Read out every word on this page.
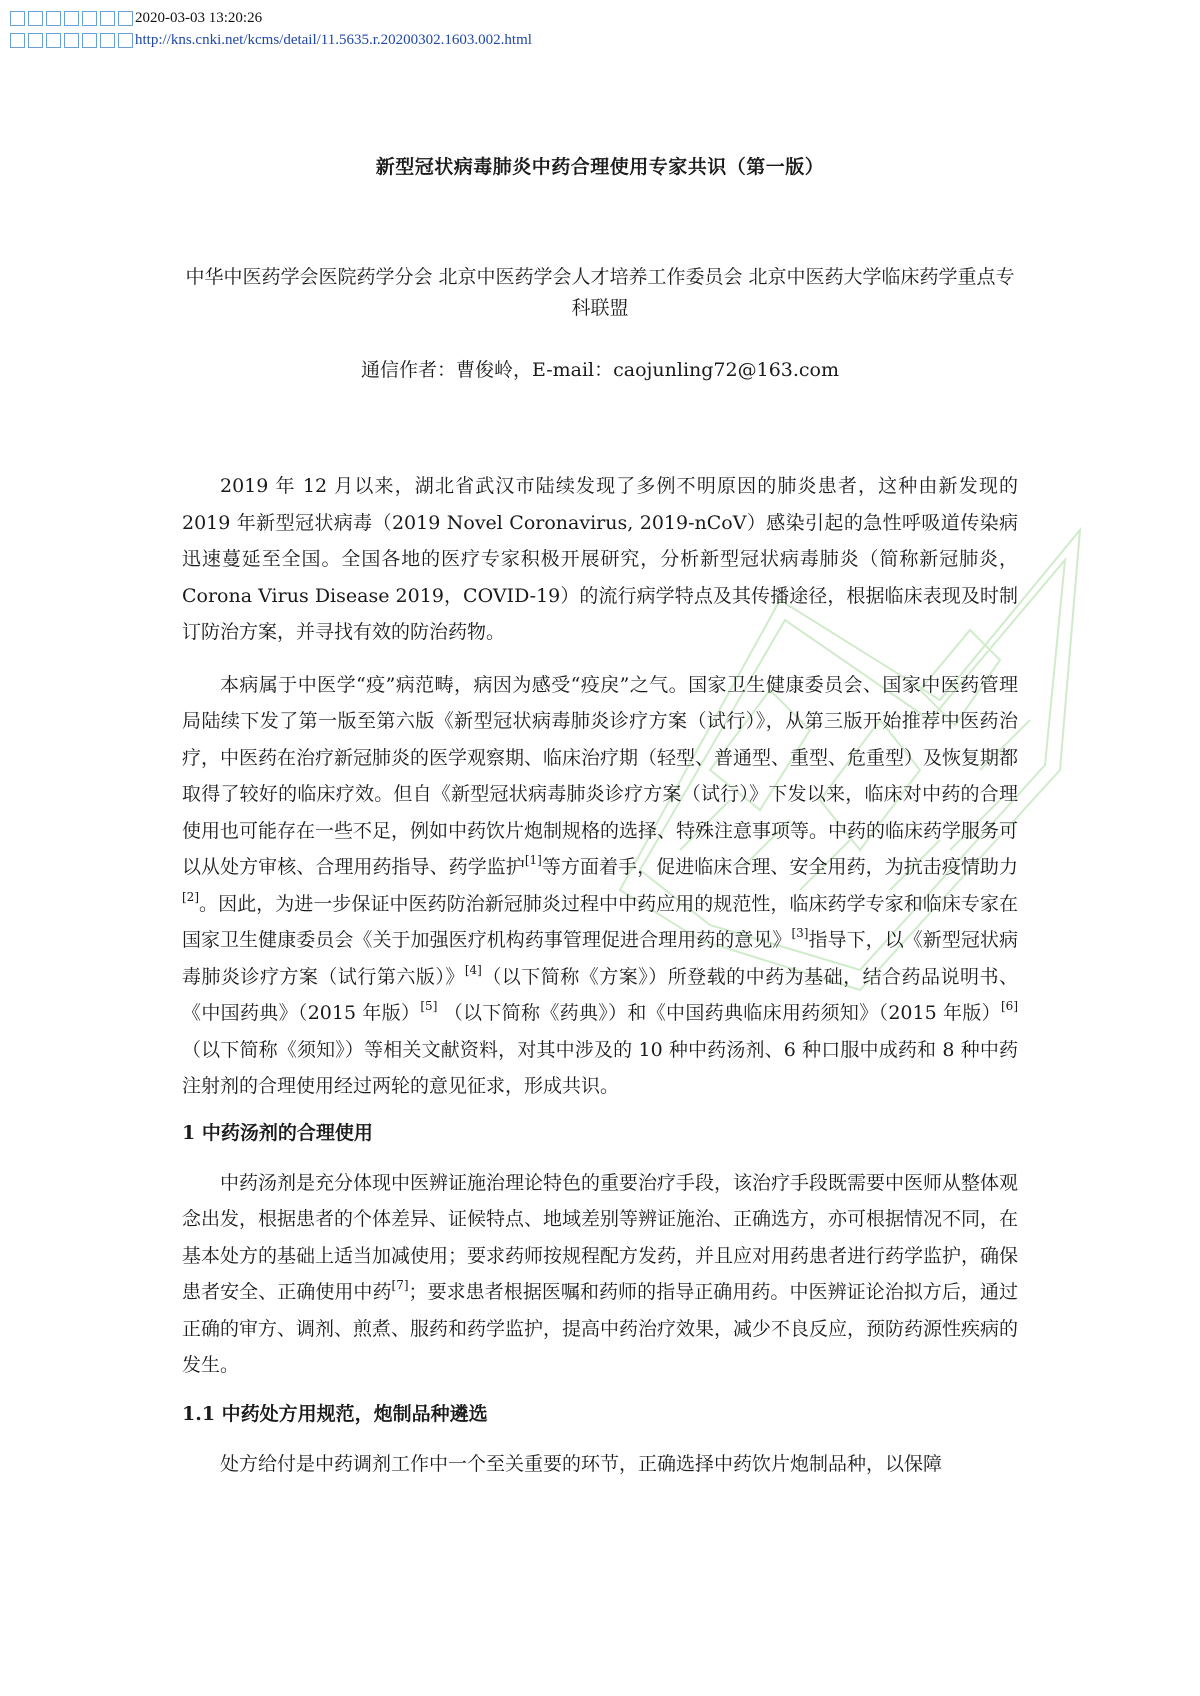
2020-03-03 13:20:26
http://kns.cnki.net/kcms/detail/11.5635.r.20200302.1603.002.html
新型冠状病毒肺炎中药合理使用专家共识（第一版）
中华中医药学会医院药学分会 北京中医药学会人才培养工作委员会 北京中医药大学临床药学重点专科联盟
通信作者：曹俊岭，E-mail：caojunling72@163.com

2019 年 12 月以来，湖北省武汉市陆续发现了多例不明原因的肺炎患者，这种由新发现的 2019 年新型冠状病毒（2019 Novel Coronavirus, 2019-nCoV）感染引起的急性呼吸道传染病迅速蔓延至全国。全国各地的医疗专家积极开展研究，分析新型冠状病毒肺炎（简称新冠肺炎，Corona Virus Disease 2019，COVID-19）的流行病学特点及其传播途径，根据临床表现及时制订防治方案，并寻找有效的防治药物。

本病属于中医学“疫”病范畴，病因为感受“疫戾”之气。国家卫生健康委员会、国家中医药管理局陆续下发了第一版至第六版《新型冠状病毒肺炎诊疗方案（试行）》，从第三版开始推荐中医药治疗，中医药在治疗新冠肺炎的医学观察期、临床治疗期（轻型、普通型、重型、危重型）及恢复期都取得了较好的临床疗效。但自《新型冠状病毒肺炎诊疗方案（试行）》下发以来，临床对中药的合理使用也可能存在一些不足，例如中药饮片炮制规格的选择、特殊注意事项等。中药的临床药学服务可以从处方审核、合理用药指导、药学监护[1]等方面着手，促进临床合理、安全用药，为抗击疫情助力[2]。因此，为进一步保证中医药防治新冠肺炎过程中中药应用的规范性，临床药学专家和临床专家在国家卫生健康委员会《关于加强医疗机构药事管理促进合理用药的意见》[3]指导下，以《新型冠状病毒肺炎诊疗方案（试行第六版）》[4]（以下简称《方案》）所登载的中药为基础，结合药品说明书、《中国药典》（2015 年版）[5] （以下简称《药典》）和《中国药典临床用药须知》（2015 年版）[6] （以下简称《须知》）等相关文献资料，对其中涉及的 10 种中药汤剂、6 种口服中成药和 8 种中药注射剂的合理使用经过两轮的意见征求，形成共识。

1 中药汤剂的合理使用

中药汤剂是充分体现中医辨证施治理论特色的重要治疗手段，该治疗手段既需要中医师从整体观念出发，根据患者的个体差异、证候特点、地域差别等辨证施治、正确选方，亦可根据情况不同，在基本处方的基础上适当加减使用；要求药师按规程配方发药，并且应对用药患者进行药学监护，确保患者安全、正确使用中药[7]；要求患者根据医嘱和药师的指导正确用药。中医辨证论治拟方后，通过正确的审方、调剂、煎煮、服药和药学监护，提高中药治疗效果，减少不良反应，预防药源性疾病的发生。

1.1 中药处方用规范，炮制品种遴选

处方给付是中药调剂工作中一个至关重要的环节，正确选择中药饮片炮制品种，以保障
